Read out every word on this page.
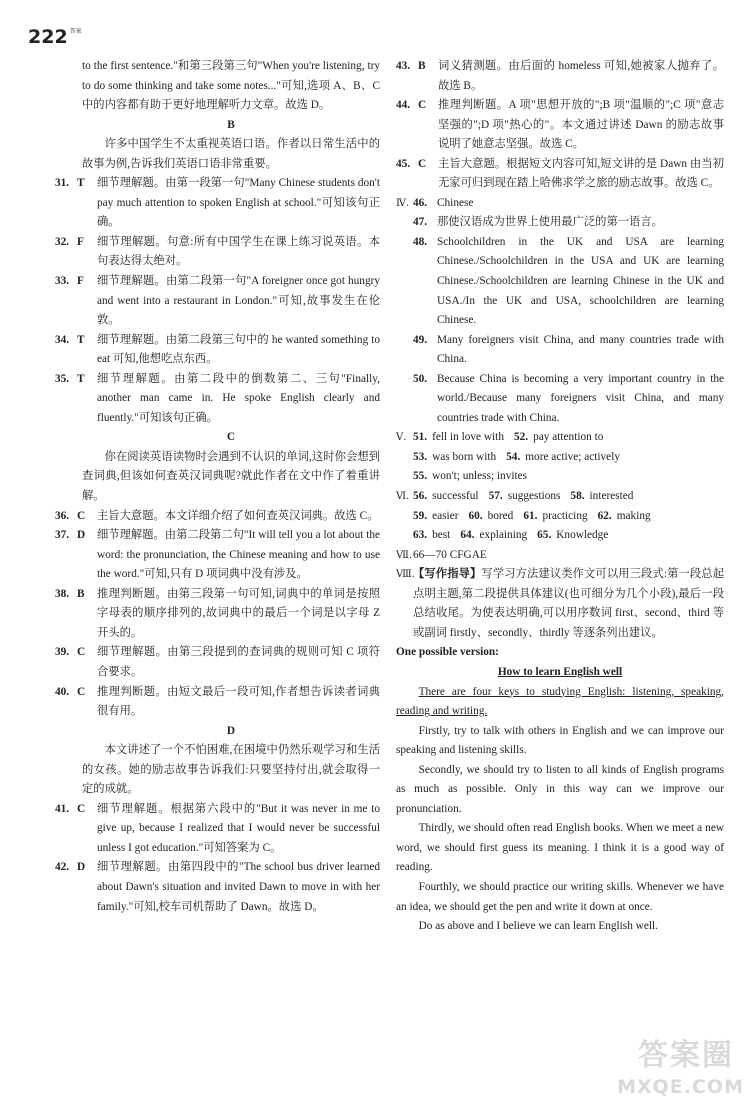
222 $^{答案}$

to the first sentence."和第三段第三句"When you're listening, try to do some thinking and take some notes..."可知,选项 A、B、C 中的内容都有助于更好地理解听力文章。故选 D。

B

许多中国学生不太重视英语口语。作者以日常生活中的故事为例,告诉我们英语口语非常重要。

31. T	细节理解题。由第一段第一句"Many Chinese students don't pay much attention to spoken English at school."可知该句正确。
32. F	细节理解题。句意:所有中国学生在课上练习说英语。本句表达得太绝对。
33. F	细节理解题。由第二段第一句"A foreigner once got hungry and went into a restaurant in London."可知,故事发生在伦敦。
34. T	细节理解题。由第二段第三句中的 he wanted something to eat 可知,他想吃点东西。
35. T	细节理解题。由第二段中的倒数第二、三句"Finally, another man came in. He spoke English clearly and fluently."可知该句正确。

C

你在阅读英语读物时会遇到不认识的单词,这时你会想到查词典,但该如何查英汉词典呢?就此作者在文中作了着重讲解。

36. C	主旨大意题。本文详细介绍了如何查英汉词典。故选 C。
37. D	细节理解题。由第二段第二句"It will tell you a lot about the word: the pronunciation, the Chinese meaning and how to use the word."可知,只有 D 项词典中没有涉及。
38. B	推理判断题。由第三段第一句可知,词典中的单词是按照字母表的顺序排列的,故词典中的最后一个词是以字母 Z 开头的。
39. C	细节理解题。由第三段提到的查词典的规则可知 C 项符合要求。
40. C	推理判断题。由短文最后一段可知,作者想告诉读者词典很有用。

D

本文讲述了一个不怕困难,在困境中仍然乐观学习和生活的女孩。她的励志故事告诉我们:只要坚持付出,就会取得一定的成就。

41. C	细节理解题。根据第六段中的"But it was never in me to give up, because I realized that I would never be successful unless I got education."可知答案为 C。
42. D	细节理解题。由第四段中的"The school bus driver learned about Dawn's situation and invited Dawn to move in with her family."可知,校车司机帮助了 Dawn。故选 D。
43. B	词义猜测题。由后面的 homeless 可知,她被家人抛弃了。故选 B。
44. C	推理判断题。A 项"思想开放的";B 项"温顺的";C 项"意志坚强的";D 项"热心的"。本文通过讲述 Dawn 的励志故事说明了她意志坚强。故选 C。
45. C	主旨大意题。根据短文内容可知,短文讲的是 Dawn 由当初无家可归到现在踏上哈佛求学之旅的励志故事。故选 C。
Ⅳ. 46. Chinese
47. 那使汉语成为世界上使用最广泛的第一语言。
48. Schoolchildren in the UK and USA are learning Chinese./Schoolchildren in the USA and UK are learning Chinese./Schoolchildren are learning Chinese in the UK and USA./In the UK and USA, schoolchildren are learning Chinese.
49. Many foreigners visit China, and many countries trade with China.
50. Because China is becoming a very important country in the world./Because many foreigners visit China, and many countries trade with China.
Ⅴ. 51. fell in love with 52. pay attention to
53. was born with 54. more active; actively
55. won't; unless; invites
Ⅵ. 56. successful 57. suggestions 58. interested
59. easier 60. bored 61. practicing 62. making
63. best 64. explaining 65. Knowledge
Ⅶ. 66—70 CFGAE
Ⅷ.
【写作指导】写学习方法建议类作文可以用三段式:第一段总起点明主题,第二段提供具体建议(也可细分为几个小段),最后一段总结收尾。为使表达明确,可以用序数词 first、second、third 等或副词 firstly、secondly、thirdly 等逐条列出建议。

One possible version:

How to learn English well

There are four keys to studying English: listening, speaking, reading and writing.

Firstly, try to talk with others in English and we can improve our speaking and listening skills.

Secondly, we should try to listen to all kinds of English programs as much as possible. Only in this way can we improve our pronunciation.

Thirdly, we should often read English books. When we meet a new word, we should first guess its meaning. I think it is a good way of reading.

Fourthly, we should practice our writing skills. Whenever we have an idea, we should get the pen and write it down at once.

Do as above and I believe we can learn English well.

答案圈
MXQE.COM
